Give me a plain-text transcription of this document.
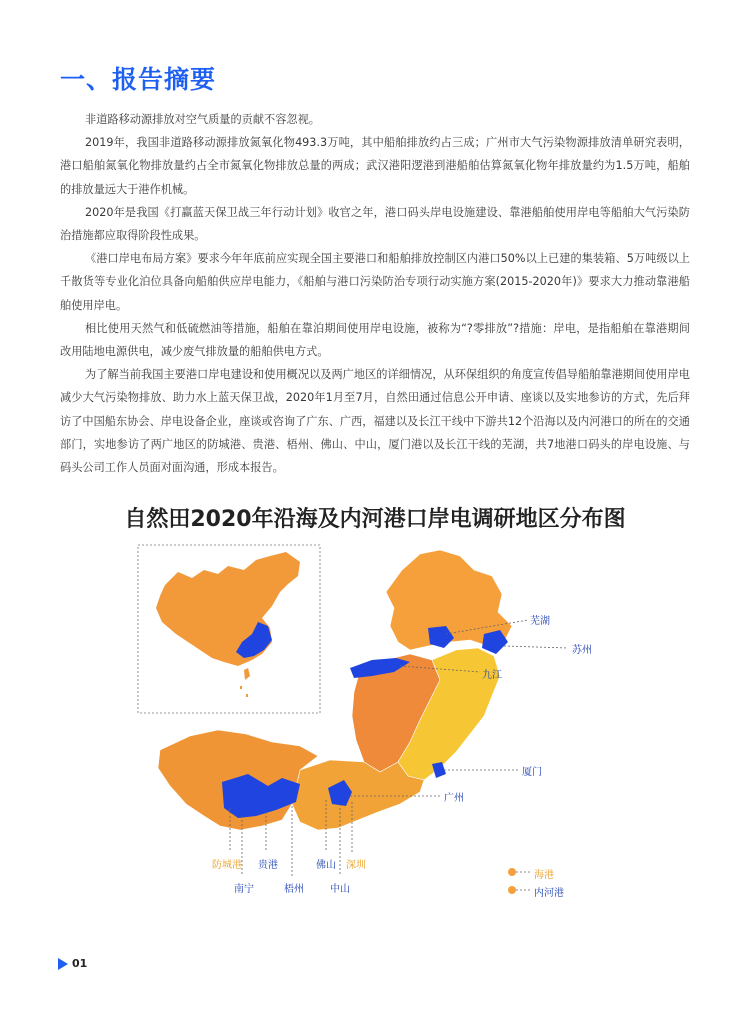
一、报告摘要

非道路移动源排放对空气质量的贡献不容忽视。

2019年，我国非道路移动源排放氮氧化物493.3万吨，其中船舶排放约占三成；广州市大气污染物源排放清单研究表明，港口船舶氮氧化物排放量约占全市氮氧化物排放总量的两成；武汉港阳逻港到港船舶估算氮氧化物年排放量约为1.5万吨，船舶的排放量远大于港作机械。

2020年是我国《打赢蓝天保卫战三年行动计划》收官之年，港口码头岸电设施建设、靠港船舶使用岸电等船舶大气污染防治措施都应取得阶段性成果。

《港口岸电布局方案》要求今年年底前应实现全国主要港口和船舶排放控制区内港口50%以上已建的集装箱、5万吨级以上千散货等专业化泊位具备向船舶供应岸电能力，《船舶与港口污染防治专项行动实施方案(2015-2020年)》要求大力推动靠港船舶使用岸电。

相比使用天然气和低硫燃油等措施，船舶在靠泊期间使用岸电设施，被称为“?零排放”?措施：岸电，是指船舶在靠港期间改用陆地电源供电，减少废气排放量的船舶供电方式。

为了解当前我国主要港口岸电建设和使用概况以及两广地区的详细情况，从环保组织的角度宣传倡导船舶靠港期间使用岸电减少大气污染物排放、助力水上蓝天保卫战，2020年1月至7月，自然田通过信息公开申请、座谈以及实地参访的方式，先后拜访了中国船东协会、岸电设备企业，座谈或咨询了广东、广西，福建以及长江干线中下游共12个沿海以及内河港口的所在的交通部门，实地参访了两广地区的防城港、贵港、梧州、佛山、中山，厦门港以及长江干线的芜湖，共7地港口码头的岸电设施、与码头公司工作人员面对面沟通，形成本报告。

自然田2020年沿海及内河港口岸电调研地区分布图
芜湖
苏州
九江
厦门
广州
防城港 贵港	佛山 深圳
南宁	梧州	中山
海港
内河港
01
